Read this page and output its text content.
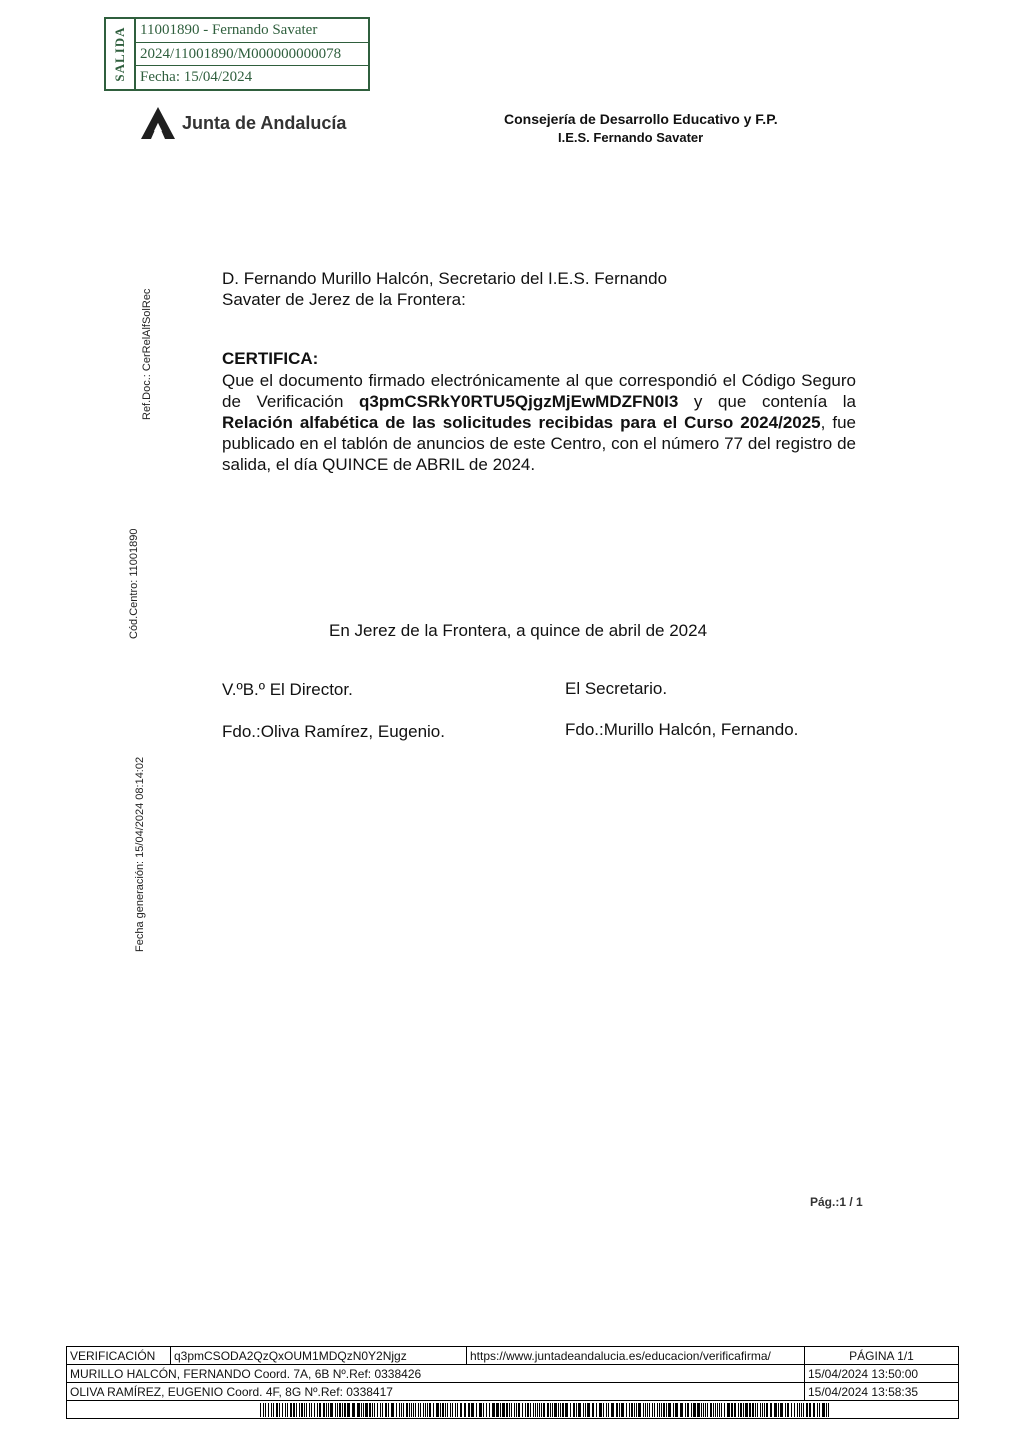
SALIDA 11001890 - Fernando Savater
2024/11001890/M000000000078
Fecha: 15/04/2024
Junta de Andalucía	Consejería de Desarrollo Educativo y F.P.
I.E.S. Fernando Savater
Ref.Doc.: CerRelAlfSolRec
Cód.Centro: 11001890
Fecha generación: 15/04/2024 08:14:02
D. Fernando Murillo Halcón, Secretario del I.E.S. Fernando
Savater de Jerez de la Frontera:
CERTIFICA:
Que el documento firmado electrónicamente al que correspondió el Código Seguro de Verificación q3pmCSRkY0RTU5QjgzMjEwMDZFN0I3 y que contenía la Relación alfabética de las solicitudes recibidas para el Curso 2024/2025, fue publicado en el tablón de anuncios de este Centro, con el número 77 del registro de salida, el día QUINCE de ABRIL de 2024.
En Jerez de la Frontera, a quince de abril de 2024
V.ºB.º El Director.
Fdo.:Oliva Ramírez, Eugenio.
El Secretario.
Fdo.:Murillo Halcón, Fernando.
Pág.:1 / 1
VERIFICACIÓN	q3pmCSODA2QzQxOUM1MDQzN0Y2Njgz	https://www.juntadeandalucia.es/educacion/verificafirma/	PÁGINA 1/1
MURILLO HALCÓN, FERNANDO Coord. 7A, 6B Nº.Ref: 0338426			15/04/2024 13:50:00
OLIVA RAMÍREZ, EUGENIO Coord. 4F, 8G Nº.Ref: 0338417			15/04/2024 13:58:35
